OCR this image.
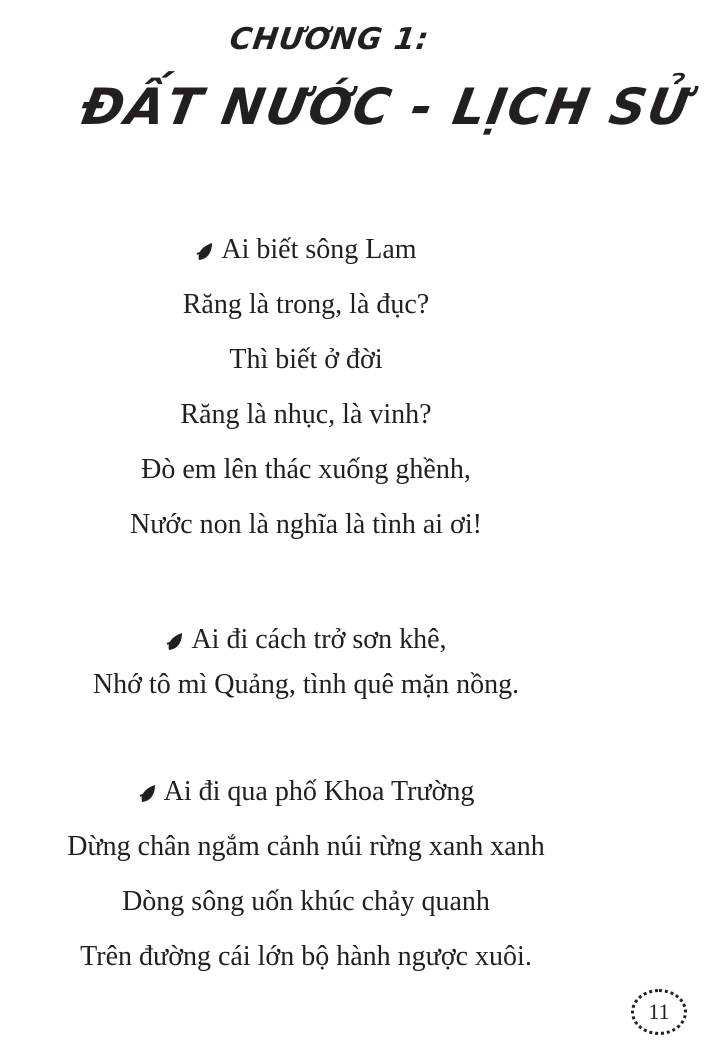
CHƯƠNG 1:
ĐẤT NƯỚC - LỊCH SỬ
Ai biết sông Lam
Răng là trong, là đục?
Thì biết ở đời
Răng là nhục, là vinh?
Đò em lên thác xuống ghềnh,
Nước non là nghĩa là tình ai ơi!
Ai đi cách trở sơn khê,
Nhớ tô mì Quảng, tình quê mặn nồng.
Ai đi qua phố Khoa Trường
Dừng chân ngắm cảnh núi rừng xanh xanh
Dòng sông uốn khúc chảy quanh
Trên đường cái lớn bộ hành ngược xuôi.
11
